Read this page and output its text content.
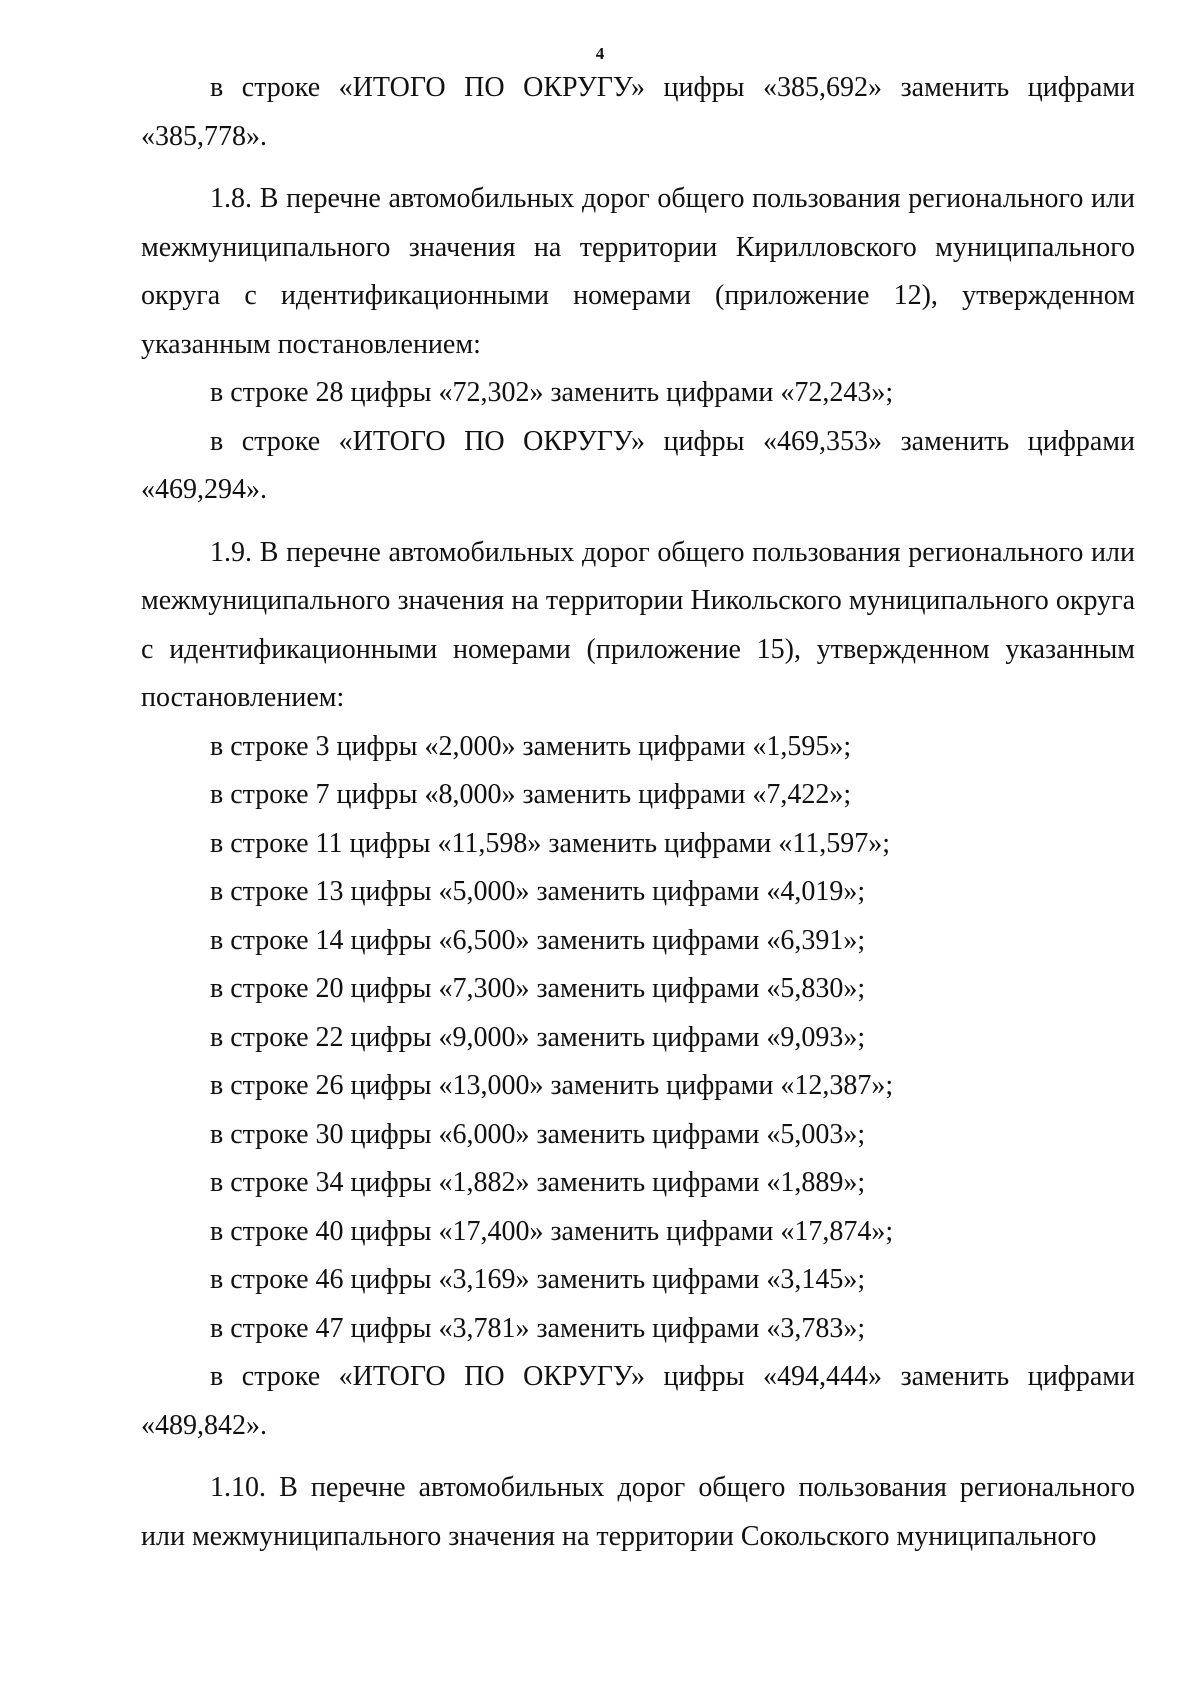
4

в строке «ИТОГО ПО ОКРУГУ» цифры «385,692» заменить цифрами «385,778».

1.8. В перечне автомобильных дорог общего пользования регионального или межмуниципального значения на территории Кирилловского муниципального округа с идентификационными номерами (приложение 12), утвержденном указанным постановлением:

в строке 28 цифры «72,302» заменить цифрами «72,243»;

в строке «ИТОГО ПО ОКРУГУ» цифры «469,353» заменить цифрами «469,294».

1.9. В перечне автомобильных дорог общего пользования регионального или межмуниципального значения на территории Никольского муниципального округа с идентификационными номерами (приложение 15), утвержденном указанным постановлением:

в строке 3 цифры «2,000» заменить цифрами «1,595»;

в строке 7 цифры «8,000» заменить цифрами «7,422»;

в строке 11 цифры «11,598» заменить цифрами «11,597»;

в строке 13 цифры «5,000» заменить цифрами «4,019»;

в строке 14 цифры «6,500» заменить цифрами «6,391»;

в строке 20 цифры «7,300» заменить цифрами «5,830»;

в строке 22 цифры «9,000» заменить цифрами «9,093»;

в строке 26 цифры «13,000» заменить цифрами «12,387»;

в строке 30 цифры «6,000» заменить цифрами «5,003»;

в строке 34 цифры «1,882» заменить цифрами «1,889»;

в строке 40 цифры «17,400» заменить цифрами «17,874»;

в строке 46 цифры «3,169» заменить цифрами «3,145»;

в строке 47 цифры «3,781» заменить цифрами «3,783»;

в строке «ИТОГО ПО ОКРУГУ» цифры «494,444» заменить цифрами «489,842».

1.10. В перечне автомобильных дорог общего пользования регионального или межмуниципального значения на территории Сокольского муниципального
